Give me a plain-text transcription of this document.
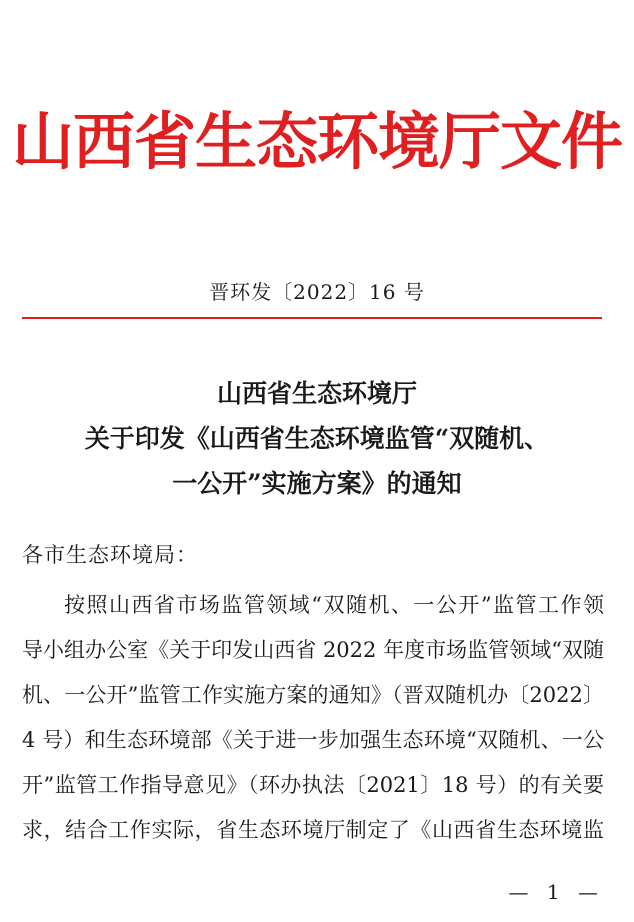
山西省生态环境厅文件
晋环发〔2022〕16 号
山西省生态环境厅
关于印发《山西省生态环境监管“双随机、
一公开”实施方案》的通知
各市生态环境局：
按照山西省市场监管领域“双随机、一公开”监管工作领
导小组办公室《关于印发山西省 2022 年度市场监管领域“双随
机、一公开”监管工作实施方案的通知》（晋双随机办〔2022〕
4 号）和生态环境部《关于进一步加强生态环境“双随机、一公
开”监管工作指导意见》（环办执法〔2021〕18 号）的有关要
求，结合工作实际，省生态环境厅制定了《山西省生态环境监
— 1 —
